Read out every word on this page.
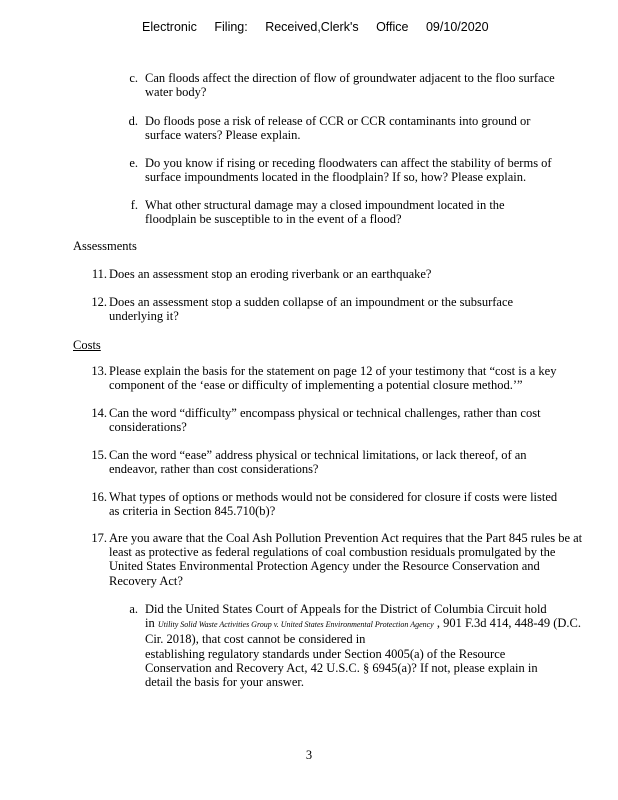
Electronic Filing: Received,Clerk's Office 09/10/2020
c. Can floods affect the direction of flow of groundwater adjacent to the floo surface water body?
d. Do floods pose a risk of release of CCR or CCR contaminants into ground or surface waters? Please explain.
e. Do you know if rising or receding floodwaters can affect the stability of berms of surface impoundments located in the floodplain? If so, how? Please explain.
f. What other structural damage may a closed impoundment located in the floodplain be susceptible to in the event of a flood?
Assessments
11. Does an assessment stop an eroding riverbank or an earthquake?
12. Does an assessment stop a sudden collapse of an impoundment or the subsurface underlying it?
Costs
13. Please explain the basis for the statement on page 12 of your testimony that “cost is a key component of the ‘ease or difficulty of implementing a potential closure method.’”
14. Can the word “difficulty” encompass physical or technical challenges, rather than cost considerations?
15. Can the word “ease” address physical or technical limitations, or lack thereof, of an endeavor, rather than cost considerations?
16. What types of options or methods would not be considered for closure if costs were listed as criteria in Section 845.710(b)?
17. Are you aware that the Coal Ash Pollution Prevention Act requires that the Part 845 rules be at least as protective as federal regulations of coal combustion residuals promulgated by the United States Environmental Protection Agency under the Resource Conservation and Recovery Act?
a. Did the United States Court of Appeals for the District of Columbia Circuit hold
in Utility Solid Waste Activities Group v. United States Environmental Protection Agency , 901 F.3d 414, 448-49 (D.C. Cir. 2018), that cost cannot be considered in
establishing regulatory standards under Section 4005(a) of the Resource
Conservation and Recovery Act, 42 U.S.C. § 6945(a)? If not, please explain in
detail the basis for your answer.
3
